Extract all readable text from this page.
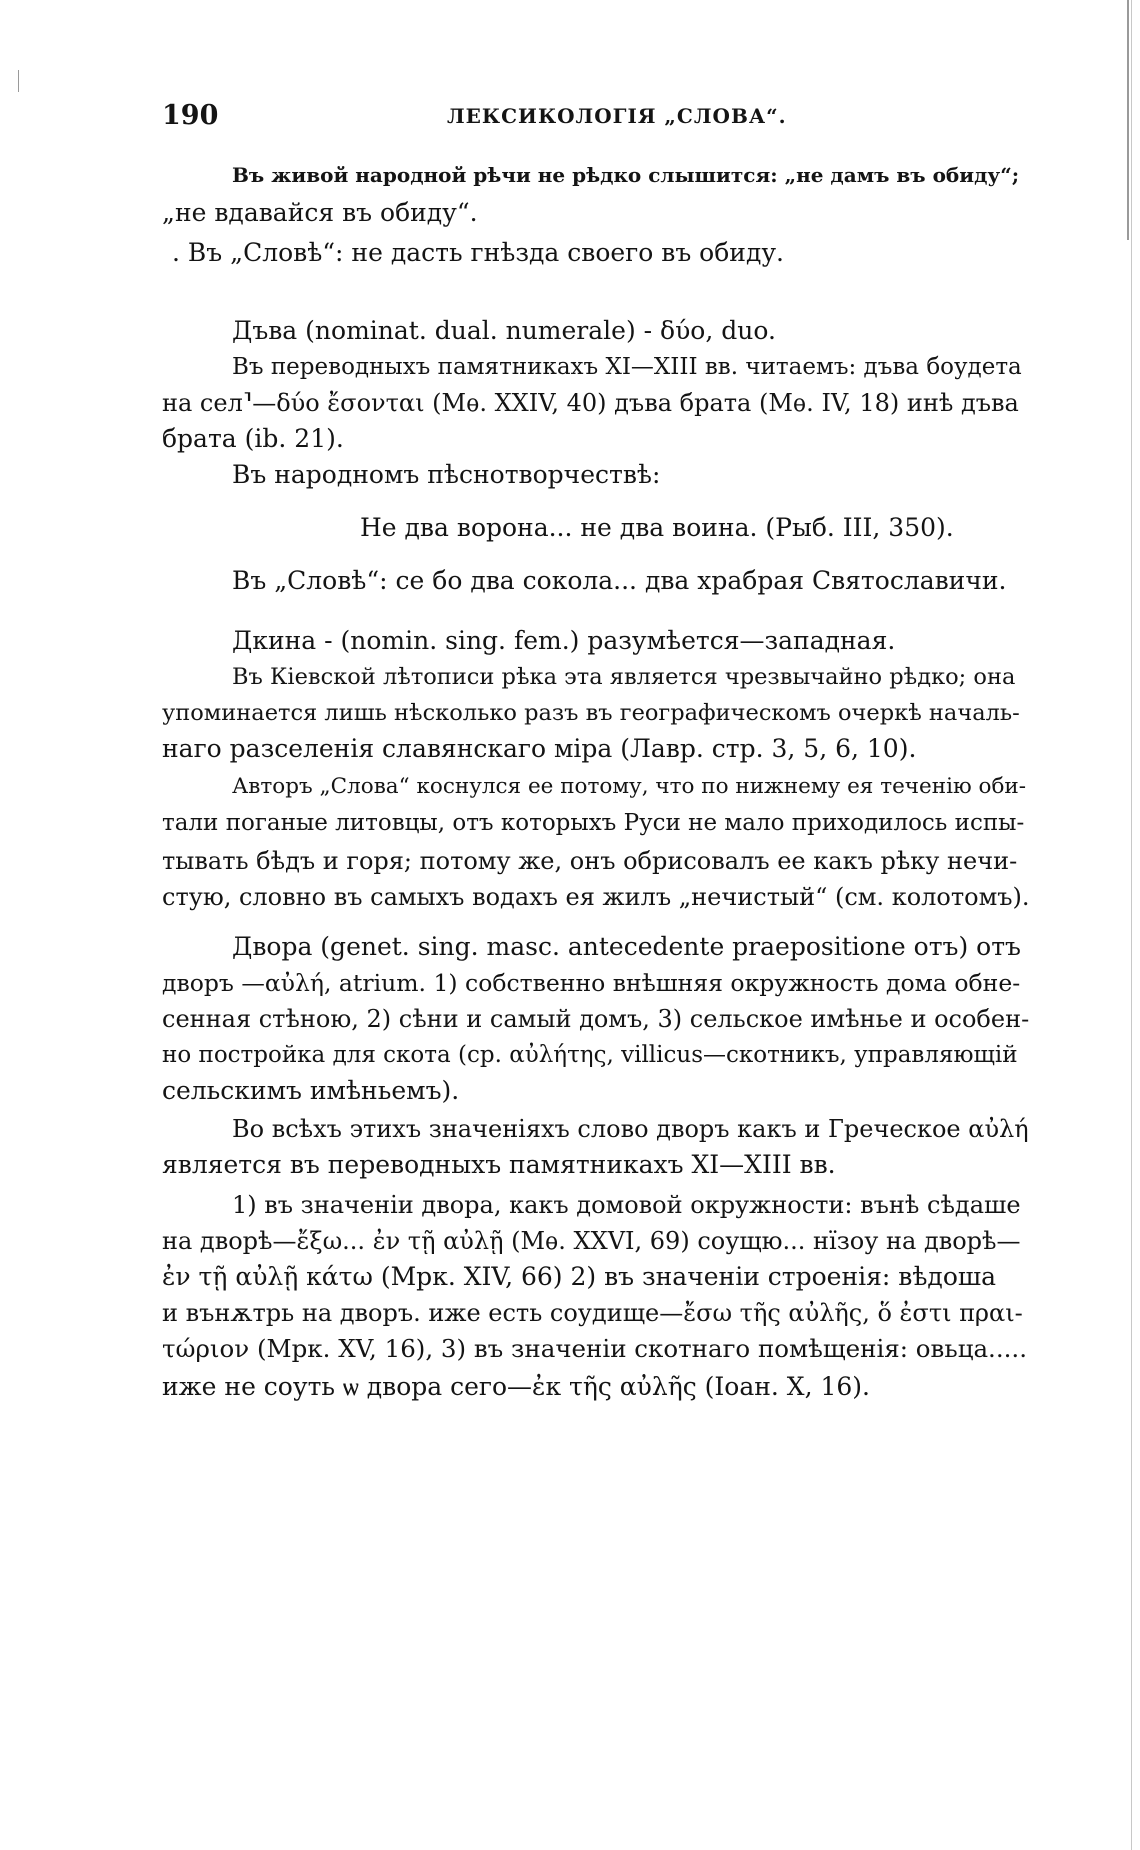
190	ЛЕКСИКОЛОГIЯ „СЛОВА“.
Въ живой народной рѣчи не рѣдко слышится: „не дамъ въ обиду“;
„не вдавайся въ обиду“.
. Въ „Словѣ“: не дасть гнѣзда своего въ обиду.
Дъва (nominat. dual. numerale) - δύο, duo.
Въ переводныхъ памятникахъ XI—XIII вв. читаемъ: дъва боудета
на сел⸣—δύο ἔσονται (Мѳ. XXIV, 40) дъва брата (Мѳ. IV, 18) инѣ дъва
брата (ib. 21).
Въ народномъ пѣснотворчествѣ:
Не два ворона... не два воина. (Рыб. III, 350).
Въ „Словѣ“: се бо два сокола... два храбрая Святославичи.
Дкина - (nomin. sing. fem.) разумѣется—западная.
Въ Кіевской лѣтописи рѣка эта является чрезвычайно рѣдко; она
упоминается лишь нѣсколько разъ въ географическомъ очеркѣ началь-
наго разселенія славянскаго міра (Лавр. стр. 3, 5, 6, 10).
Авторъ „Слова“ коснулся ее потому, что по нижнему ея теченію оби-
тали поганые литовцы, отъ которыхъ Руси не мало приходилось испы-
тывать бѣдъ и горя; потому же, онъ обрисовалъ ее какъ рѣку нечи-
стую, словно въ самыхъ водахъ ея жилъ „нечистый“ (см. колотомъ).
Двора (genet. sing. masc. antecedente praepositione отъ) отъ
дворъ —αὐλή, atrium. 1) собственно внѣшняя окружность дома обне-
сенная стѣною, 2) сѣни и самый домъ, 3) сельское имѣнье и особен-
но постройка для скота (ср. αὐλήτης, villicus—скотникъ, управляющій
сельскимъ имѣньемъ).
Во всѣхъ этихъ значеніяхъ слово дворъ какъ и Греческое αὐλή
является въ переводныхъ памятникахъ XI—XIII вв.
1) въ значеніи двора, какъ домовой окружности: вънѣ сѣдаше
на дворѣ—ἔξω... ἐν τῇ αὐλῇ (Мѳ. XXVI, 69) соущю... нїзоу на дворѣ—
ἐν τῇ αὐλῇ κάτω (Мрк. XIV, 66) 2) въ значеніи строенія: вѣдоша
и вънѫтрь на дворъ. иже есть соудище—ἔσω τῆς αὐλῆς, ὅ ἐστι πραι-
τώριον (Мрк. XV, 16), 3) въ значеніи скотнаго помѣщенія: овьца.....
иже не соуть ѡ двора сего—ἐκ τῆς αὐλῆς (Іоан. X, 16).
